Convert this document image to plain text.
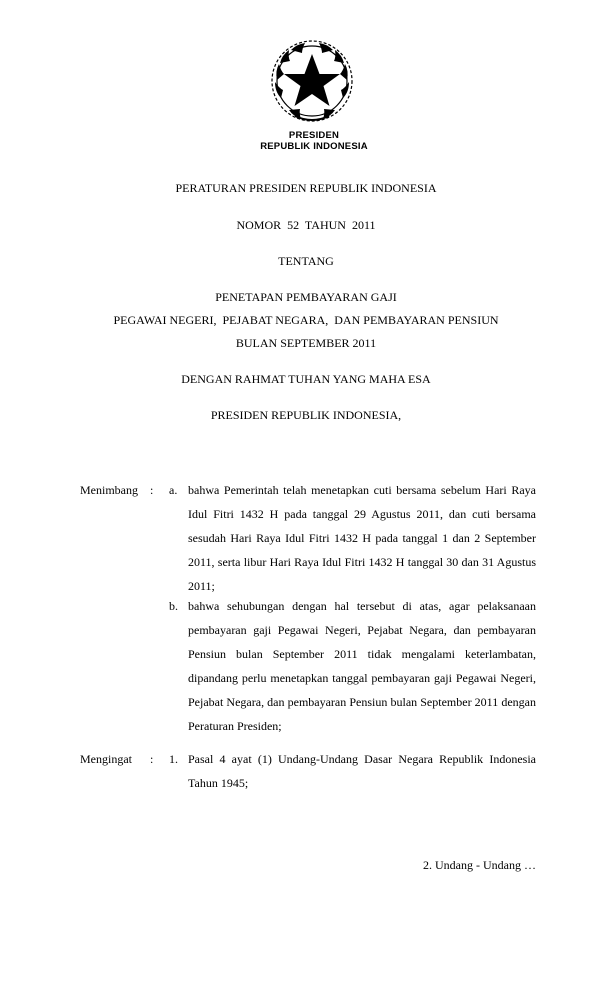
PRESIDEN
REPUBLIK INDONESIA
PERATURAN PRESIDEN REPUBLIK INDONESIA
NOMOR  52  TAHUN  2011
TENTANG
PENETAPAN PEMBAYARAN GAJI
PEGAWAI NEGERI,  PEJABAT NEGARA,  DAN PEMBAYARAN PENSIUN
BULAN SEPTEMBER 2011
DENGAN RAHMAT TUHAN YANG MAHA ESA
PRESIDEN REPUBLIK INDONESIA,
Menimbang : a. bahwa Pemerintah telah menetapkan cuti bersama sebelum Hari Raya Idul Fitri 1432 H pada tanggal 29 Agustus 2011, dan cuti bersama sesudah Hari Raya Idul Fitri 1432 H pada tanggal 1 dan 2 September 2011, serta libur Hari Raya Idul Fitri 1432 H tanggal 30 dan 31 Agustus 2011;
b. bahwa sehubungan dengan hal tersebut di atas, agar pelaksanaan pembayaran gaji Pegawai Negeri, Pejabat Negara, dan pembayaran Pensiun bulan September 2011 tidak mengalami keterlambatan, dipandang perlu menetapkan tanggal pembayaran gaji Pegawai Negeri, Pejabat Negara, dan pembayaran Pensiun bulan September 2011 dengan Peraturan Presiden;
Mengingat : 1. Pasal 4 ayat (1) Undang-Undang Dasar Negara Republik Indonesia Tahun 1945;
2. Undang - Undang …
